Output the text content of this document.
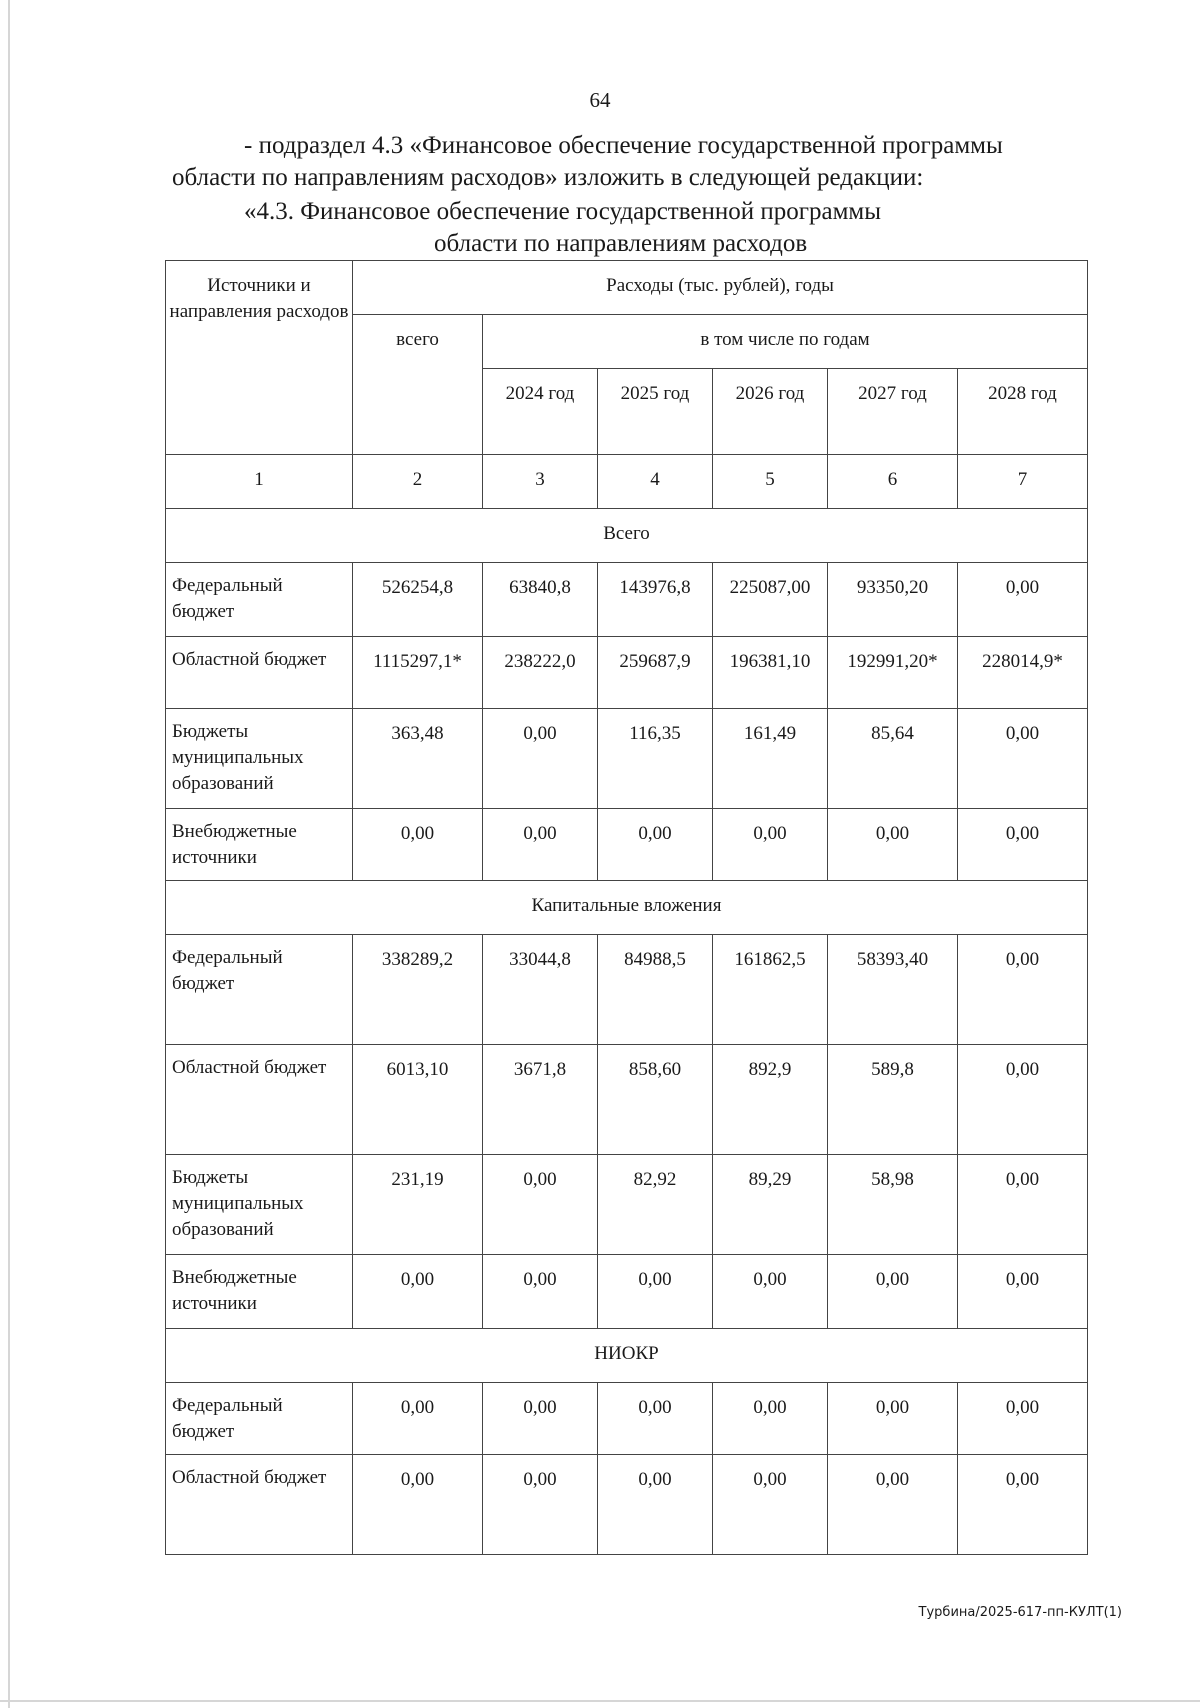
64
- подраздел 4.3 «Финансовое обеспечение государственной программы
области по направлениям расходов» изложить в следующей редакции:
«4.3. Финансовое обеспечение государственной программы
области по направлениям расходов
Источники и направления расходов	Расходы (тыс. рублей), годы					
	всего	в том числе по годам				
		2024 год	2025 год	2026 год	2027 год	2028 год
1	2	3	4	5	6	7
Всего						
Федеральный бюджет	526254,8	63840,8	143976,8	225087,00	93350,20	0,00
Областной бюджет	1115297,1*	238222,0	259687,9	196381,10	192991,20*	228014,9*
Бюджеты муниципальных образований	363,48	0,00	116,35	161,49	85,64	0,00
Внебюджетные источники	0,00	0,00	0,00	0,00	0,00	0,00
Капитальные вложения						
Федеральный бюджет	338289,2	33044,8	84988,5	161862,5	58393,40	0,00
Областной бюджет	6013,10	3671,8	858,60	892,9	589,8	0,00
Бюджеты муниципальных образований	231,19	0,00	82,92	89,29	58,98	0,00
Внебюджетные источники	0,00	0,00	0,00	0,00	0,00	0,00
НИОКР						
Федеральный бюджет	0,00	0,00	0,00	0,00	0,00	0,00
Областной бюджет	0,00	0,00	0,00	0,00	0,00	0,00
Турбина/2025-617-пп-КУЛТ(1)
